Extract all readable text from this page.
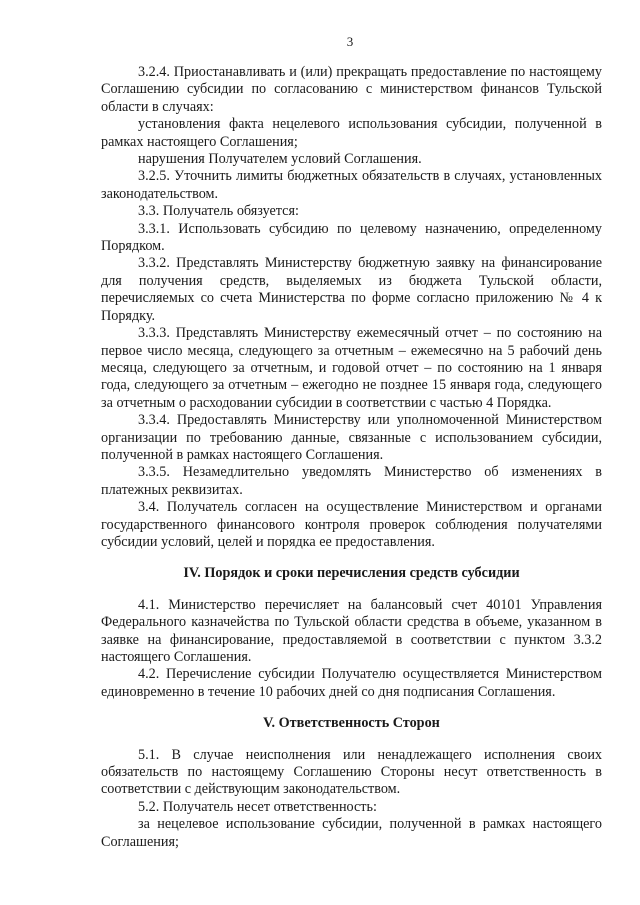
3

3.2.4. Приостанавливать и (или) прекращать предоставление по настоящему Соглашению субсидии по согласованию с министерством финансов Тульской области в случаях:

установления факта нецелевого использования субсидии, полученной в рамках настоящего Соглашения;

нарушения Получателем условий Соглашения.

3.2.5. Уточнить лимиты бюджетных обязательств в случаях, установленных законодательством.

3.3. Получатель обязуется:

3.3.1. Использовать субсидию по целевому назначению, определенному Порядком.

3.3.2. Представлять Министерству бюджетную заявку на финансирование для получения средств, выделяемых из бюджета Тульской области, перечисляемых со счета Министерства по форме согласно приложению № 4 к Порядку.

3.3.3. Представлять Министерству ежемесячный отчет – по состоянию на первое число месяца, следующего за отчетным – ежемесячно на 5 рабочий день месяца, следующего за отчетным, и годовой отчет – по состоянию на 1 января года, следующего за отчетным – ежегодно не позднее 15 января года, следующего за отчетным о расходовании субсидии в соответствии с частью 4 Порядка.

3.3.4. Предоставлять Министерству или уполномоченной Министерством организации по требованию данные, связанные с использованием субсидии, полученной в рамках настоящего Соглашения.

3.3.5. Незамедлительно уведомлять Министерство об изменениях в платежных реквизитах.

3.4. Получатель согласен на осуществление Министерством и органами государственного финансового контроля проверок соблюдения получателями субсидии условий, целей и порядка ее предоставления.

IV. Порядок и сроки перечисления средств субсидии

4.1. Министерство перечисляет на балансовый счет 40101 Управления Федерального казначейства по Тульской области средства в объеме, указанном в заявке на финансирование, предоставляемой в соответствии с пунктом 3.3.2 настоящего Соглашения.

4.2. Перечисление субсидии Получателю осуществляется Министерством единовременно в течение 10 рабочих дней со дня подписания Соглашения.

V. Ответственность Сторон

5.1. В случае неисполнения или ненадлежащего исполнения своих обязательств по настоящему Соглашению Стороны несут ответственность в соответствии с действующим законодательством.

5.2. Получатель несет ответственность:

за нецелевое использование субсидии, полученной в рамках настоящего Соглашения;
